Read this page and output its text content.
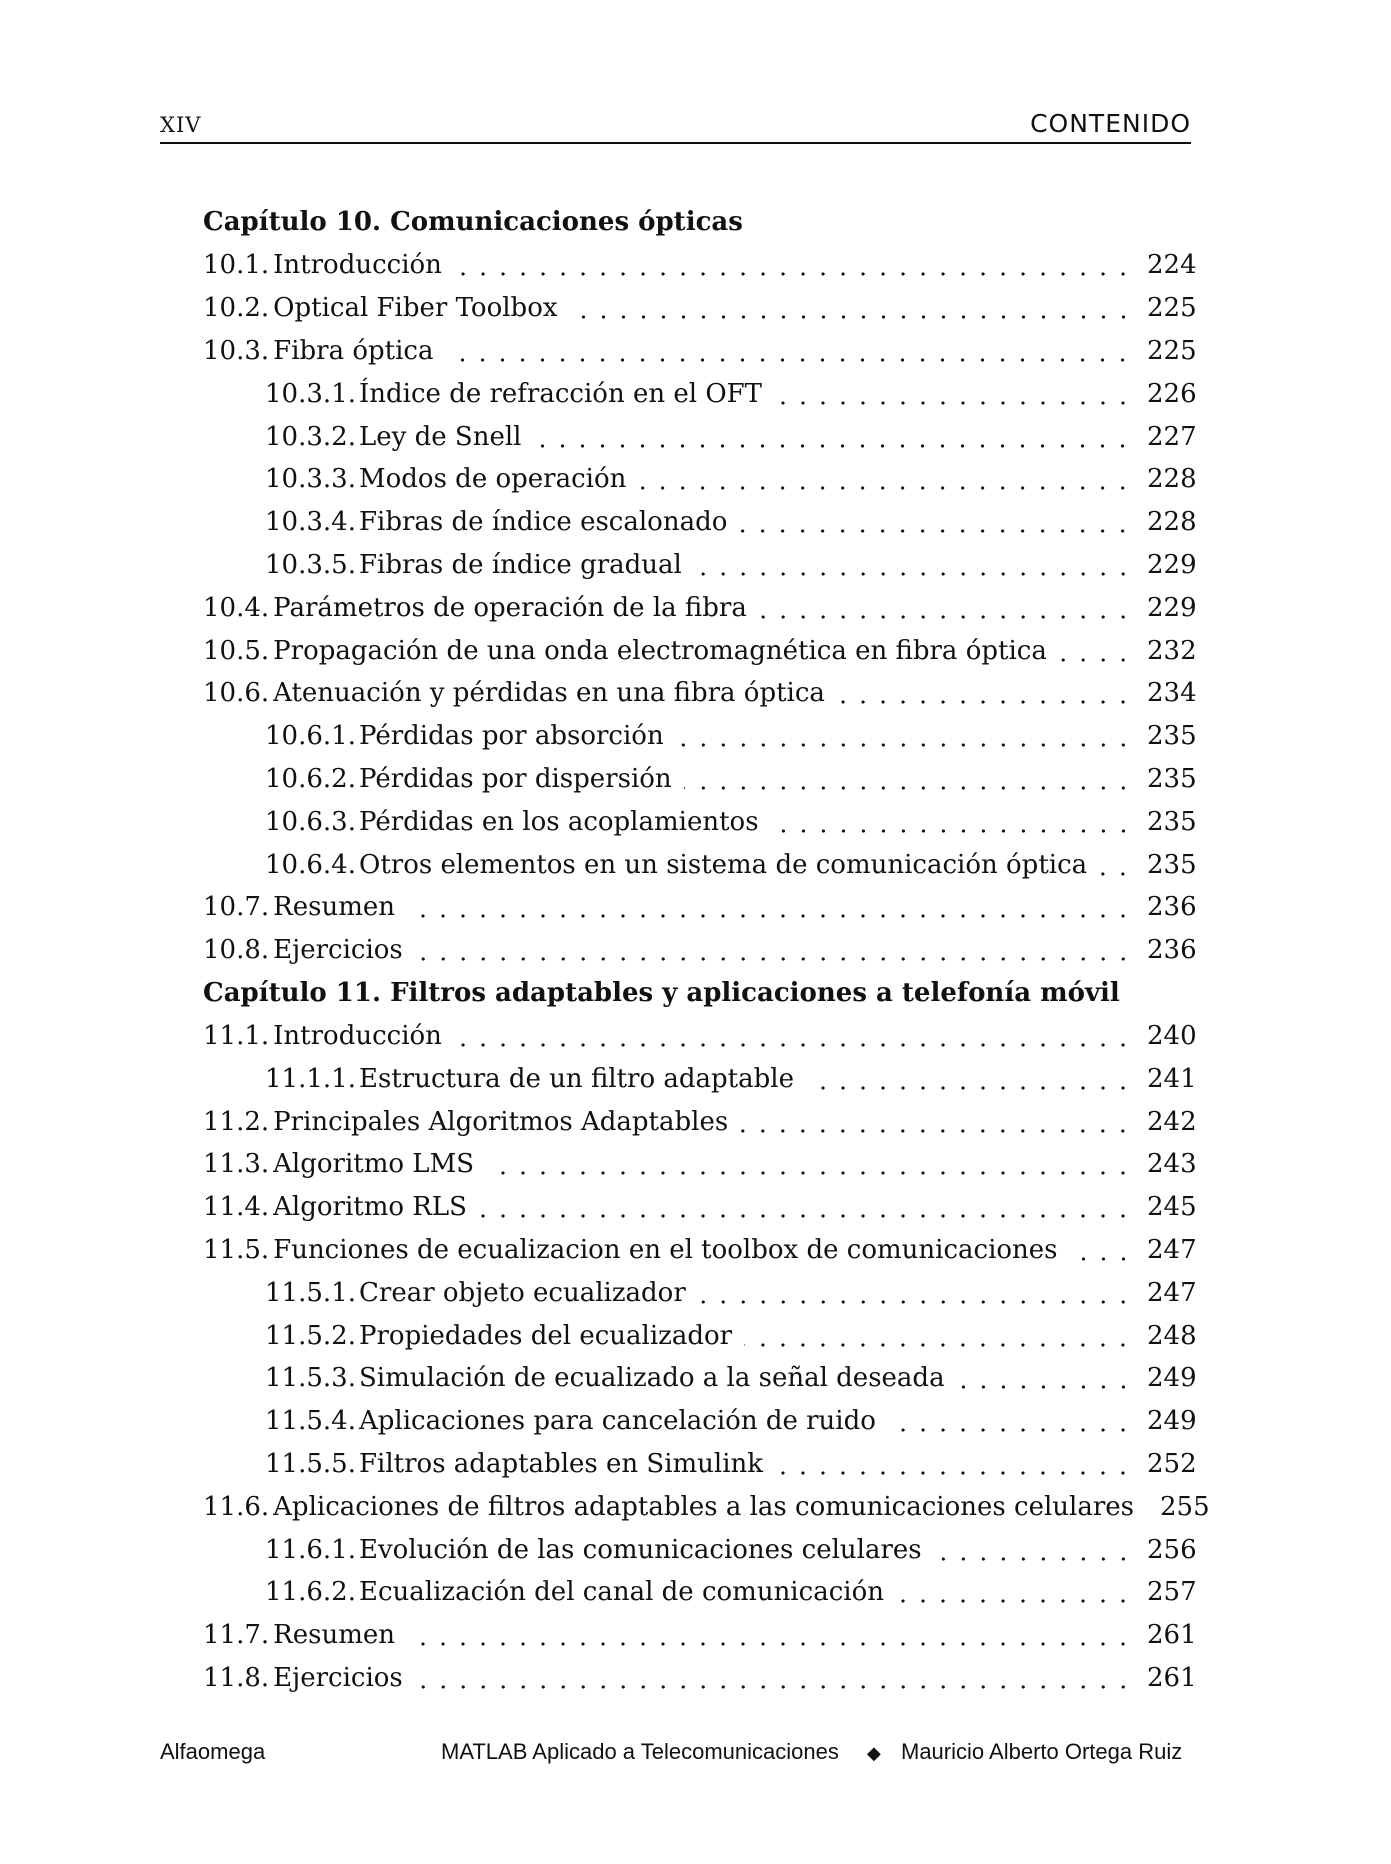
XIV	CONTENIDO
Capítulo 10. Comunicaciones ópticas
10.1. Introducción	224
10.2. Optical Fiber Toolbox	225
10.3. Fibra óptica	225
10.3.1. Índice de refracción en el OFT	226
10.3.2. Ley de Snell	227
10.3.3. Modos de operación	228
10.3.4. Fibras de índice escalonado	228
10.3.5. Fibras de índice gradual	229
10.4. Parámetros de operación de la fibra	229
10.5. Propagación de una onda electromagnética en fibra óptica	232
10.6. Atenuación y pérdidas en una fibra óptica	234
10.6.1. Pérdidas por absorción	235
10.6.2. Pérdidas por dispersión	235
10.6.3. Pérdidas en los acoplamientos	235
10.6.4. Otros elementos en un sistema de comunicación óptica 235
10.7. Resumen	236
10.8. Ejercicios	236
Capítulo 11. Filtros adaptables y aplicaciones a telefonía móvil
11.1. Introducción	240
11.1.1. Estructura de un filtro adaptable	241
11.2. Principales Algoritmos Adaptables	242
11.3. Algoritmo LMS	243
11.4. Algoritmo RLS	245
11.5. Funciones de ecualizacion en el toolbox de comunicaciones	247
11.5.1. Crear objeto ecualizador	247
11.5.2. Propiedades del ecualizador	248
11.5.3. Simulación de ecualizado a la señal deseada	249
11.5.4. Aplicaciones para cancelación de ruido	249
11.5.5. Filtros adaptables en Simulink	252
11.6. Aplicaciones de filtros adaptables a las comunicaciones celulares 255
11.6.1. Evolución de las comunicaciones celulares	256
11.6.2. Ecualización del canal de comunicación	257
11.7. Resumen	261
11.8. Ejercicios	261
Alfaomega	MATLAB Aplicado a Telecomunicaciones ◆ Mauricio Alberto Ortega Ruiz
